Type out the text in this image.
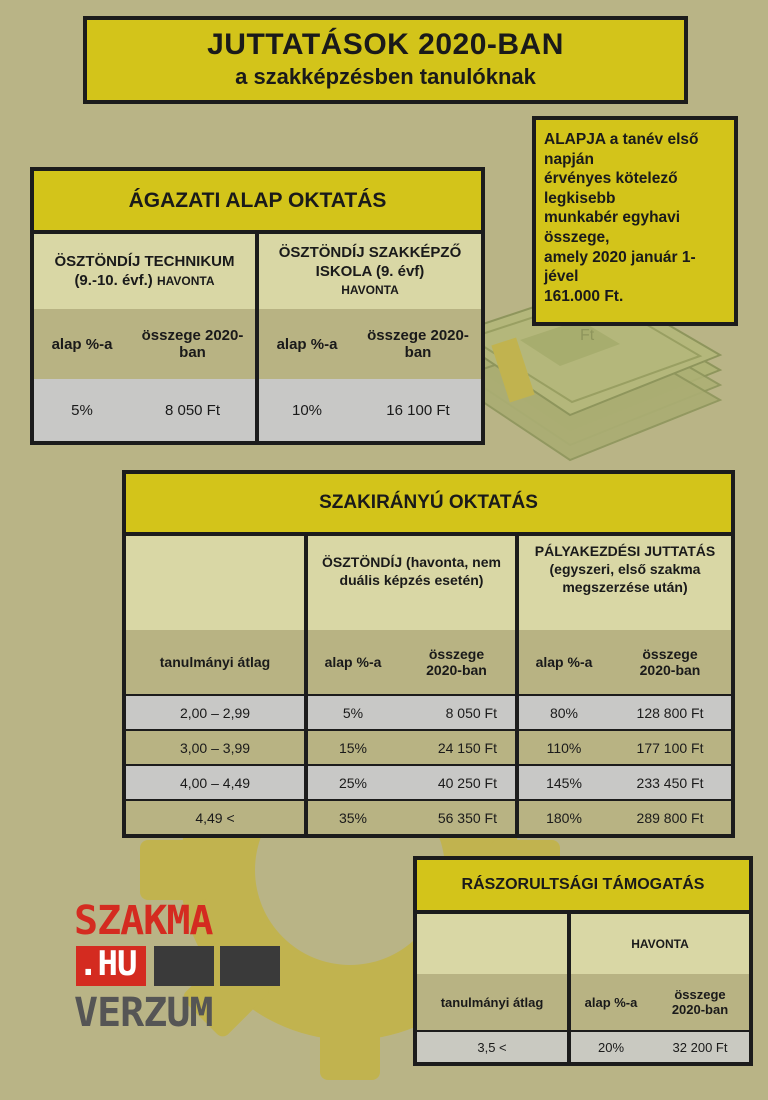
Ft
JUTTATÁSOK 2020-BAN
a szakképzésben tanulóknak
ALAPJA a tanév első
napján
érvényes kötelező
legkisebb
munkabér egyhavi
összege,
amely 2020 január 1-
jével
161.000 Ft.
ÁGAZATI ALAP OKTATÁS
ÖSZTÖNDÍJ TECHNIKUM
(9.-10. évf.) HAVONTA
ÖSZTÖNDÍJ SZAKKÉPZŐ ISKOLA (9. évf)
HAVONTA
alap %-a	összege 2020-ban	alap %-a	összege 2020-ban
5%	8 050 Ft	10%	16 100 Ft
SZAKIRÁNYÚ OKTATÁS
ÖSZTÖNDÍJ (havonta, nem duális képzés esetén)
PÁLYAKEZDÉSI JUTTATÁS (egyszeri, első szakma megszerzése után)
tanulmányi átlag	alap %-a	összege 2020-ban	alap %-a	összege 2020-ban
2,00 – 2,99	5%	8 050 Ft	80%	128 800 Ft
3,00 – 3,99	15%	24 150 Ft	110%	177 100 Ft
4,00 – 4,49	25%	40 250 Ft	145%	233 450 Ft
4,49 <	35%	56 350 Ft	180%	289 800 Ft
RÁSZORULTSÁGI TÁMOGATÁS
HAVONTA
tanulmányi átlag	alap %-a	összege 2020-ban
3,5 <	20%	32 200 Ft
SZAKMA
.HU
VERZUM
